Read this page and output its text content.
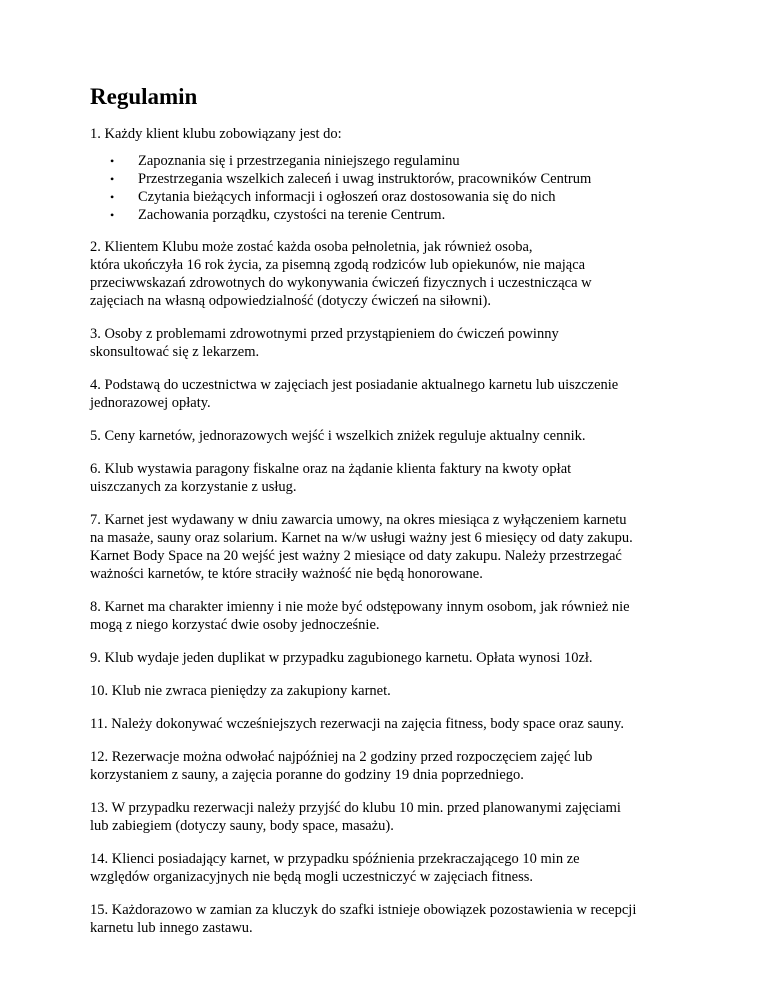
Regulamin

1. Każdy klient klubu zobowiązany jest do:

• Zapoznania się i przestrzegania niniejszego regulaminu
• Przestrzegania wszelkich zaleceń i uwag instruktorów, pracowników Centrum
• Czytania bieżących informacji i ogłoszeń oraz dostosowania się do nich
• Zachowania porządku, czystości na terenie Centrum.

2. Klientem Klubu może zostać każda osoba pełnoletnia, jak również osoba,
która ukończyła 16 rok życia, za pisemną zgodą rodziców lub opiekunów, nie mająca
przeciwwskazań zdrowotnych do wykonywania ćwiczeń fizycznych i uczestnicząca w
zajęciach na własną odpowiedzialność (dotyczy ćwiczeń na siłowni).

3. Osoby z problemami zdrowotnymi przed przystąpieniem do ćwiczeń powinny
skonsultować się z lekarzem.

4. Podstawą do uczestnictwa w zajęciach jest posiadanie aktualnego karnetu lub uiszczenie
jednorazowej opłaty.

5. Ceny karnetów, jednorazowych wejść i wszelkich zniżek reguluje aktualny cennik.

6. Klub wystawia paragony fiskalne oraz na żądanie klienta faktury na kwoty opłat
uiszczanych za korzystanie z usług.

7. Karnet jest wydawany w dniu zawarcia umowy, na okres miesiąca z wyłączeniem karnetu
na masaże, sauny oraz solarium. Karnet na w/w usługi ważny jest 6 miesięcy od daty zakupu.
Karnet Body Space na 20 wejść jest ważny 2 miesiące od daty zakupu. Należy przestrzegać
ważności karnetów, te które straciły ważność nie będą honorowane.

8. Karnet ma charakter imienny i nie może być odstępowany innym osobom, jak również nie
mogą z niego korzystać dwie osoby jednocześnie.

9. Klub wydaje jeden duplikat w przypadku zagubionego karnetu. Opłata wynosi 10zł.

10. Klub nie zwraca pieniędzy za zakupiony karnet.

11. Należy dokonywać wcześniejszych rezerwacji na zajęcia fitness, body space oraz sauny.

12. Rezerwacje można odwołać najpóźniej na 2 godziny przed rozpoczęciem zajęć lub
korzystaniem z sauny, a zajęcia poranne do godziny 19 dnia poprzedniego.

13. W przypadku rezerwacji należy przyjść do klubu 10 min. przed planowanymi zajęciami
lub zabiegiem (dotyczy sauny, body space, masażu).

14. Klienci posiadający karnet, w przypadku spóźnienia przekraczającego 10 min ze
względów organizacyjnych nie będą mogli uczestniczyć w zajęciach fitness.

15. Każdorazowo w zamian za kluczyk do szafki istnieje obowiązek pozostawienia w recepcji
karnetu lub innego zastawu.
